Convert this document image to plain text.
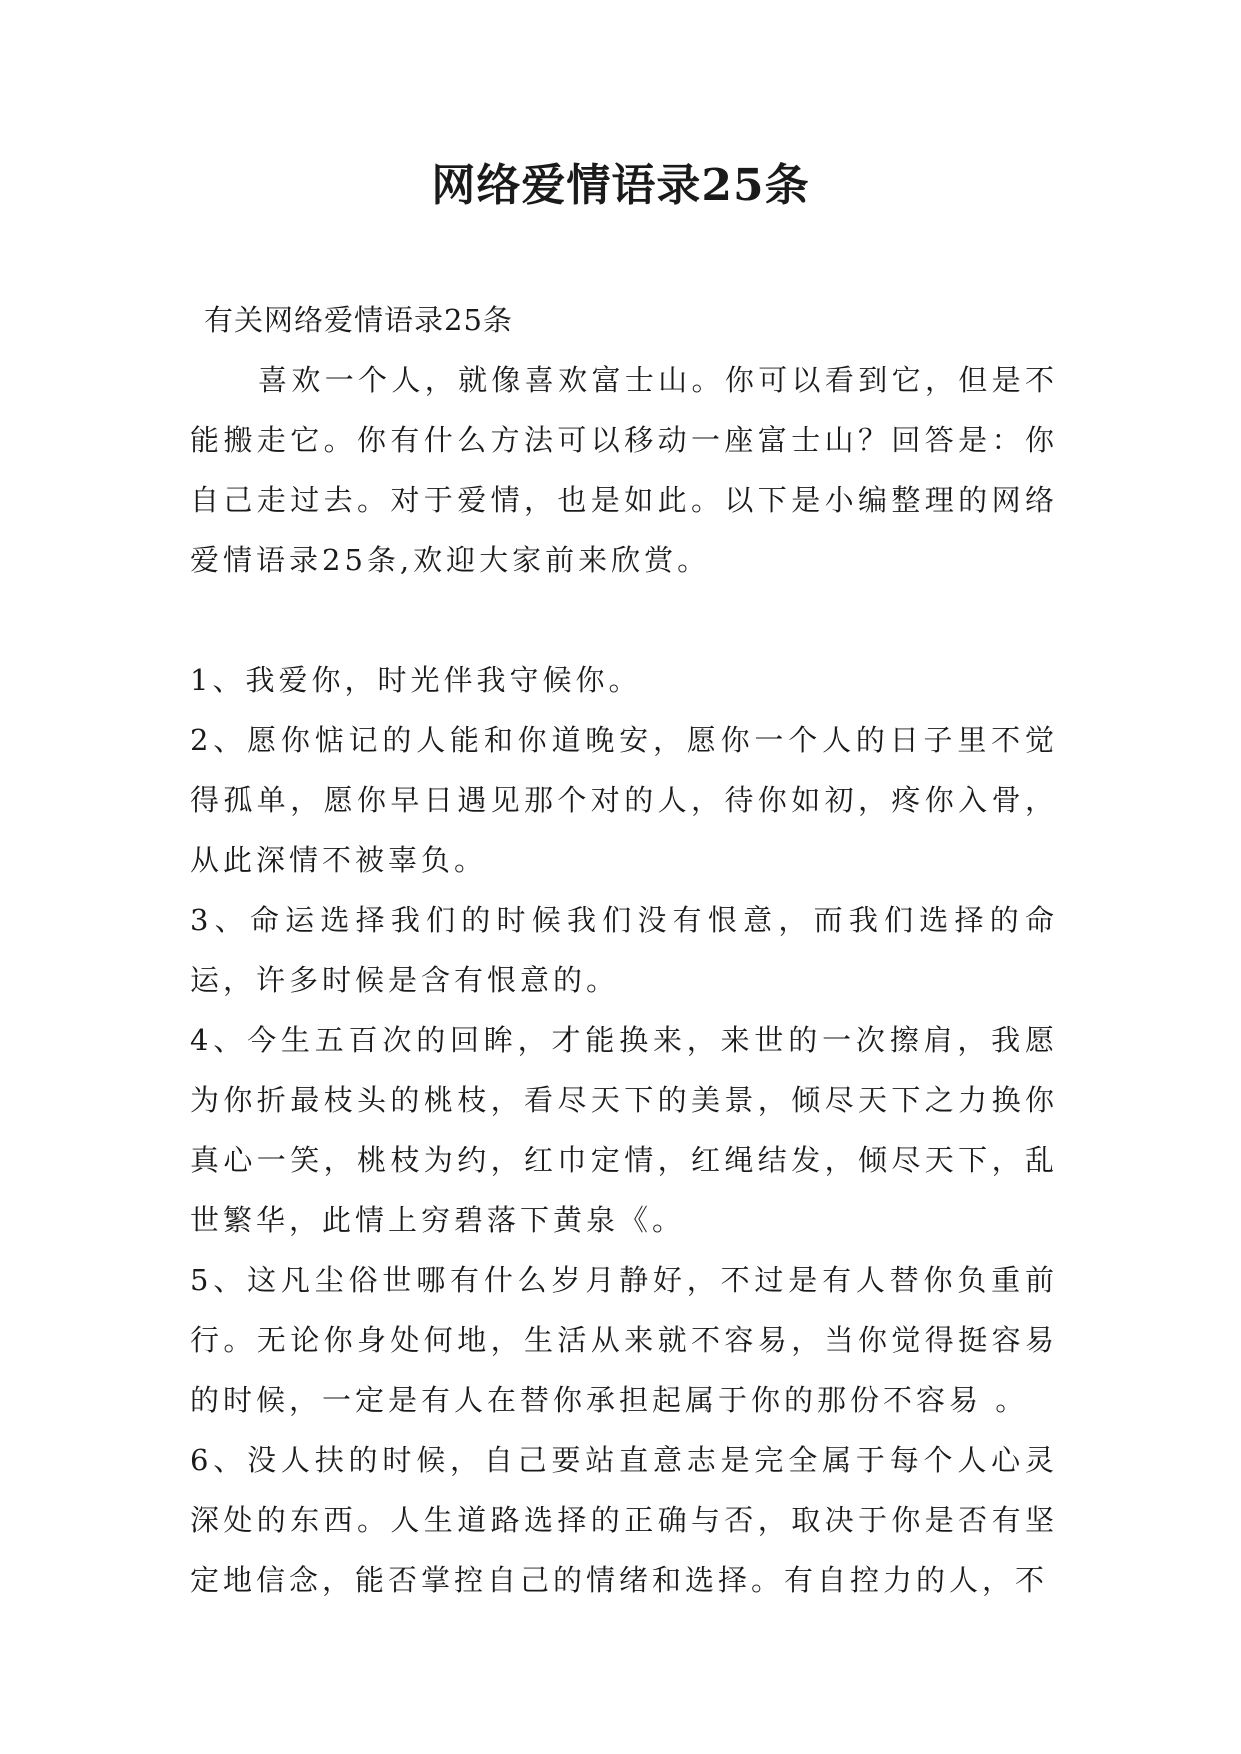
网络爱情语录25条

有关网络爱情语录25条

喜欢一个人，就像喜欢富士山。你可以看到它，但是不能搬走它。你有什么方法可以移动一座富士山？回答是：你自己走过去。对于爱情，也是如此。以下是小编整理的网络爱情语录25条,欢迎大家前来欣赏。

1、我爱你，时光伴我守候你。

2、愿你惦记的人能和你道晚安，愿你一个人的日子里不觉得孤单，愿你早日遇见那个对的人，待你如初，疼你入骨，从此深情不被辜负。

3、命运选择我们的时候我们没有恨意，而我们选择的命运，许多时候是含有恨意的。

4、今生五百次的回眸，才能换来，来世的一次擦肩，我愿为你折最枝头的桃枝，看尽天下的美景，倾尽天下之力换你真心一笑，桃枝为约，红巾定情，红绳结发，倾尽天下，乱世繁华，此情上穷碧落下黄泉《。

5、这凡尘俗世哪有什么岁月静好，不过是有人替你负重前行。无论你身处何地，生活从来就不容易，当你觉得挺容易的时候，一定是有人在替你承担起属于你的那份不容易 。

6、没人扶的时候，自己要站直意志是完全属于每个人心灵深处的东西。人生道路选择的正确与否，取决于你是否有坚定地信念，能否掌控自己的情绪和选择。有自控力的人，不
